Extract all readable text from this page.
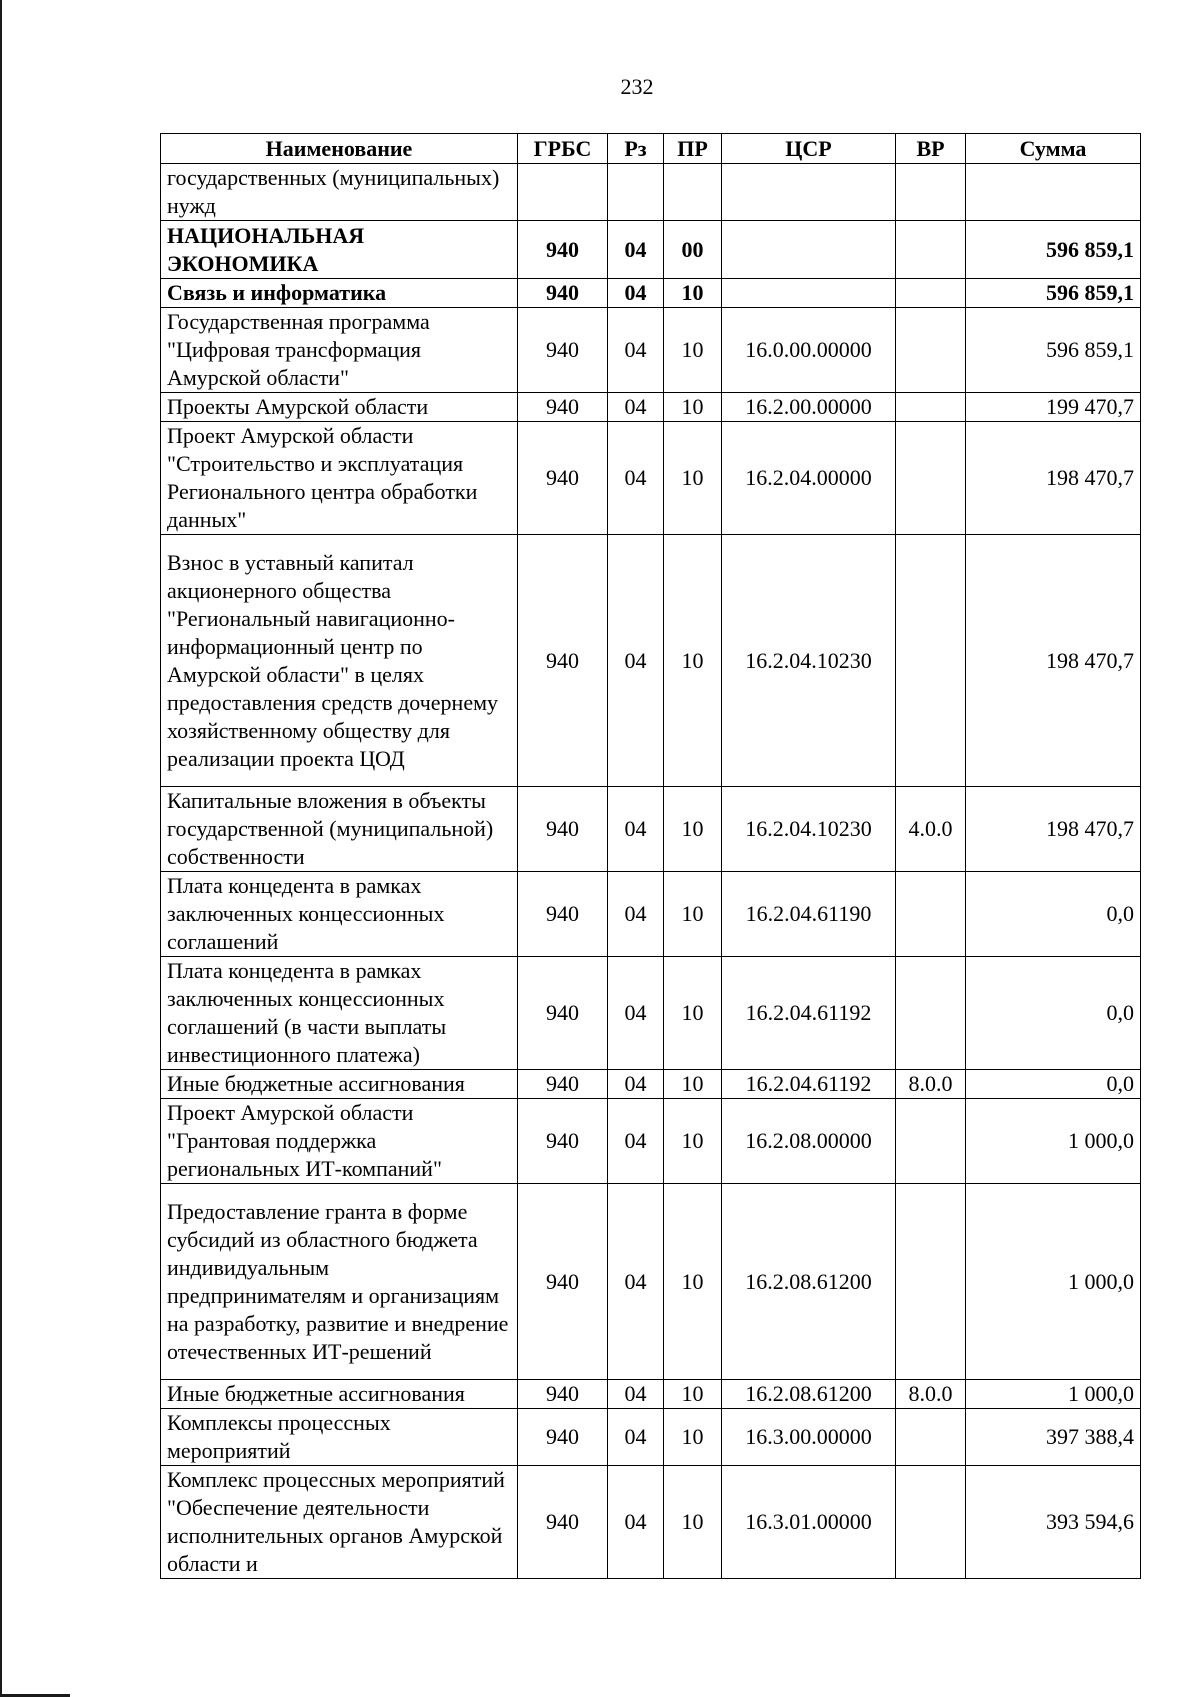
232
Наименование	ГРБС	Рз	ПР	ЦСР	ВР	Сумма
государственных (муниципальных) нужд						
НАЦИОНАЛЬНАЯ ЭКОНОМИКА	940	04	00			596 859,1
Связь и информатика	940	04	10			596 859,1
Государственная программа "Цифровая трансформация Амурской области"	940	04	10	16.0.00.00000		596 859,1
Проекты Амурской области	940	04	10	16.2.00.00000		199 470,7
Проект Амурской области "Строительство и эксплуатация Регионального центра обработки данных"	940	04	10	16.2.04.00000		198 470,7
Взнос в уставный капитал акционерного общества "Региональный навигационно-информационный центр по Амурской области" в целях предоставления средств дочернему хозяйственному обществу для реализации проекта ЦОД	940	04	10	16.2.04.10230		198 470,7
Капитальные вложения в объекты государственной (муниципальной) собственности	940	04	10	16.2.04.10230	4.0.0	198 470,7
Плата концедента в рамках заключенных концессионных соглашений	940	04	10	16.2.04.61190		0,0
Плата концедента в рамках заключенных концессионных соглашений (в части выплаты инвестиционного платежа)	940	04	10	16.2.04.61192		0,0
Иные бюджетные ассигнования	940	04	10	16.2.04.61192	8.0.0	0,0
Проект Амурской области "Грантовая поддержка региональных ИТ-компаний"	940	04	10	16.2.08.00000		1 000,0
Предоставление гранта в форме субсидий из областного бюджета индивидуальным предпринимателям и организациям на разработку, развитие и внедрение отечественных ИТ-решений	940	04	10	16.2.08.61200		1 000,0
Иные бюджетные ассигнования	940	04	10	16.2.08.61200	8.0.0	1 000,0
Комплексы процессных мероприятий	940	04	10	16.3.00.00000		397 388,4
Комплекс процессных мероприятий "Обеспечение деятельности исполнительных органов Амурской области и	940	04	10	16.3.01.00000		393 594,6
